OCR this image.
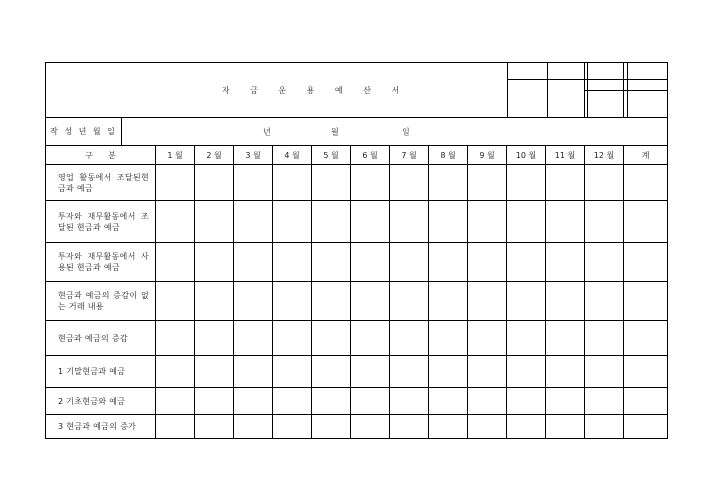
자 금 운 용 예 산 서		

작 성 년 월 일	년 월 일													

구      분		1 월	2 월	3 월	4 월	5 월	6 월	7 월	8 월	9 월	10 월	11 월	12 월	계
영업 활동에서 조달된현금과 예금														
투자와 재무활동에서 조달된 현금과 예금														
투자와 재무활동에서 사용된 현금과 예금														
현금과 예금의 증감이 없는 거래 내용														
현금과 예금의 증감														
1 기말현금과 예금														
2 기초현금와 예금														
3 현금과 예금의 증가														
